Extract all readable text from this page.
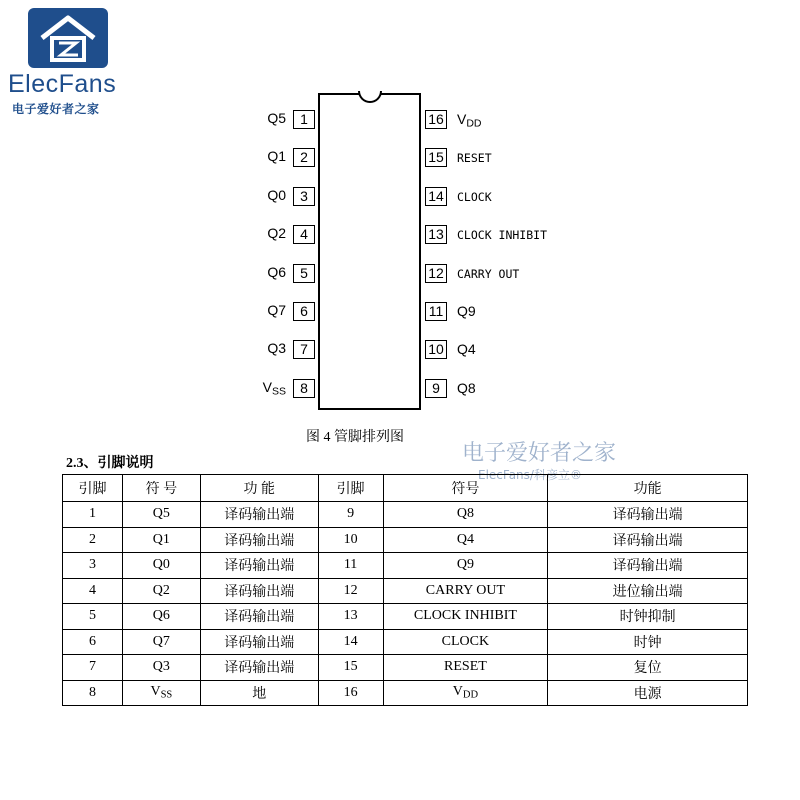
ElecFans
电子爱好者之家
Q5	1
Q1	2
Q0	3
Q2	4
Q6	5
Q7	6
Q3	7
$V_{SS}$	8
16 $V_{DD}$
15 RESET
14 CLOCK
13 CLOCK INHIBIT
12 CARRY OUT
11 Q9
10 Q4
9	Q8
图 4 管脚排列图
电子爱好者之家
ElecFans/科彦立®
2.3、引脚说明
引脚	符 号	功 能	引脚	符号	功能
1	Q5	译码输出端	9	Q8	译码输出端
2	Q1	译码输出端	10	Q4	译码输出端
3	Q0	译码输出端	11	Q9	译码输出端
4	Q2	译码输出端	12	CARRY OUT	进位输出端
5	Q6	译码输出端	13	CLOCK INHIBIT	时钟抑制
6	Q7	译码输出端	14	CLOCK	时钟
7	Q3	译码输出端	15	RESET	复位
8	$V_{SS}$	地	16	$V_{DD}$	电源
